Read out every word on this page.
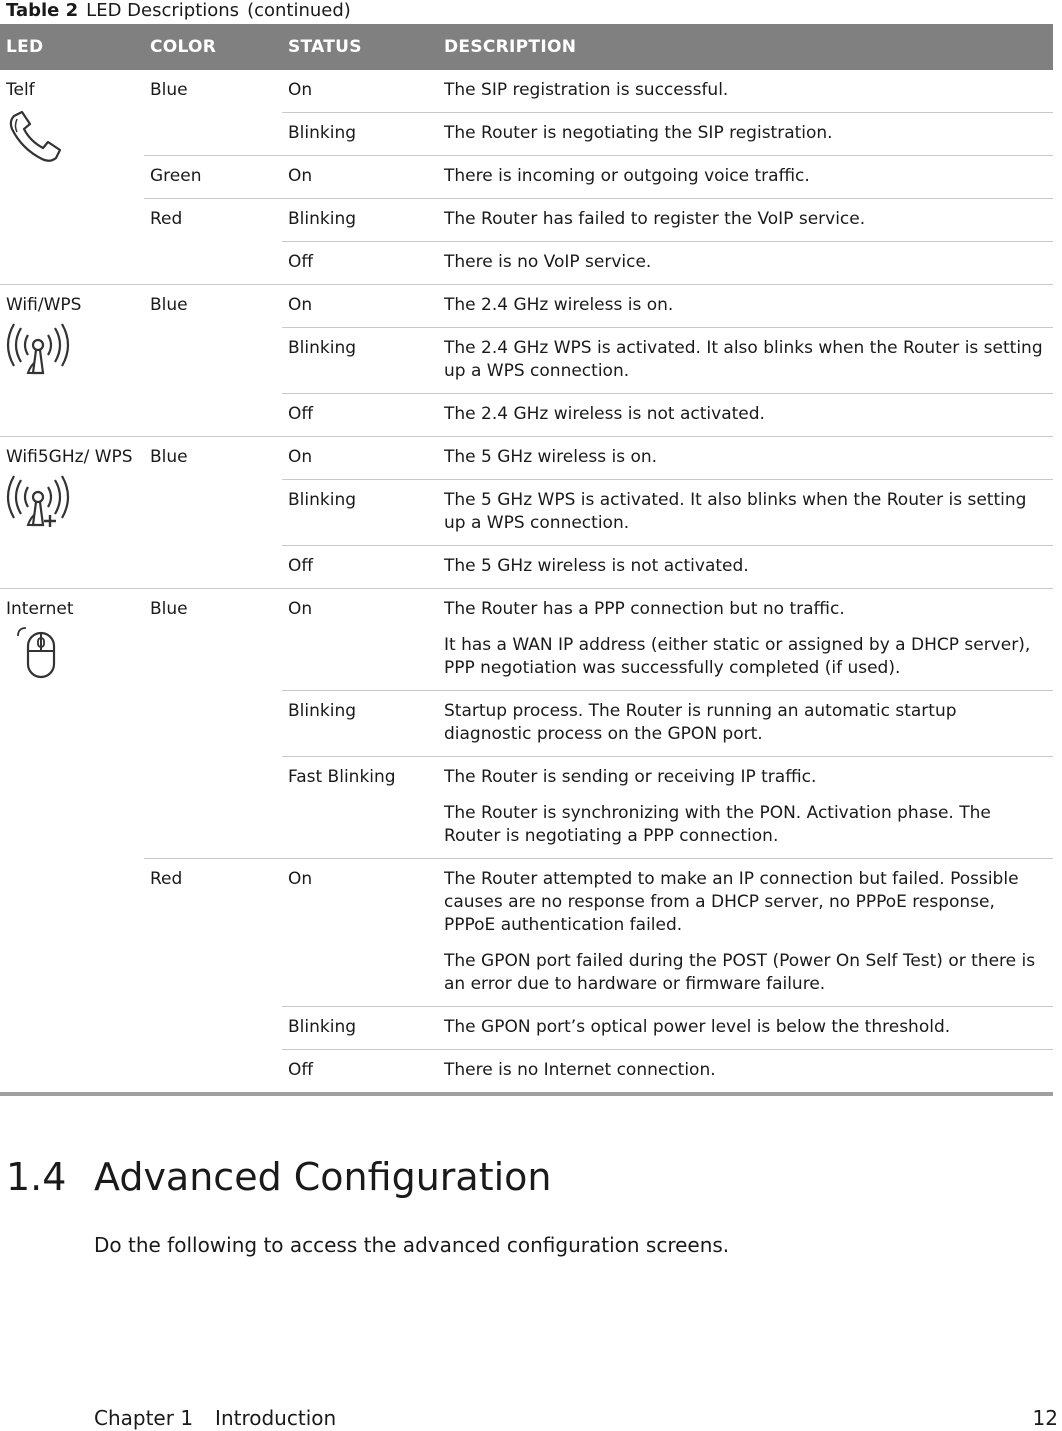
Table 2 LED Descriptions (continued)
LED	COLOR	STATUS	DESCRIPTION

Telf	Blue	On	The SIP registration is successful.

		Blinking	The Router is negotiating the SIP registration.

	Green	On	There is incoming or outgoing voice traffic.

	Red	Blinking	The Router has failed to register the VoIP service.

		Off	There is no VoIP service.

Wifi/WPS	Blue	On	The 2.4 GHz wireless is on.

		Blinking	The 2.4 GHz WPS is activated. It also blinks when the Router is setting up a WPS connection.

		Off	The 2.4 GHz wireless is not activated.

Wifi5GHz/ WPS	Blue	On	The 5 GHz wireless is on.

		Blinking	The 5 GHz WPS is activated. It also blinks when the Router is setting up a WPS connection.

		Off	The 5 GHz wireless is not activated.

Internet	Blue	On	The Router has a PPP connection but no traffic.

It has a WAN IP address (either static or assigned by a DHCP server), PPP negotiation was successfully completed (if used).

		Blinking	Startup process. The Router is running an automatic startup diagnostic process on the GPON port.

		Fast Blinking	The Router is sending or receiving IP traffic.

The Router is synchronizing with the PON. Activation phase. The Router is negotiating a PPP connection.

	Red	On	The Router attempted to make an IP connection but failed. Possible causes are no response from a DHCP server, no PPPoE response, PPPoE authentication failed.

The GPON port failed during the POST (Power On Self Test) or there is an error due to hardware or firmware failure.

		Blinking	The GPON port’s optical power level is below the threshold.

		Off	There is no Internet connection.

1.4 Advanced Configuration

Do the following to access the advanced configuration screens.

Chapter 1 Introduction	12
